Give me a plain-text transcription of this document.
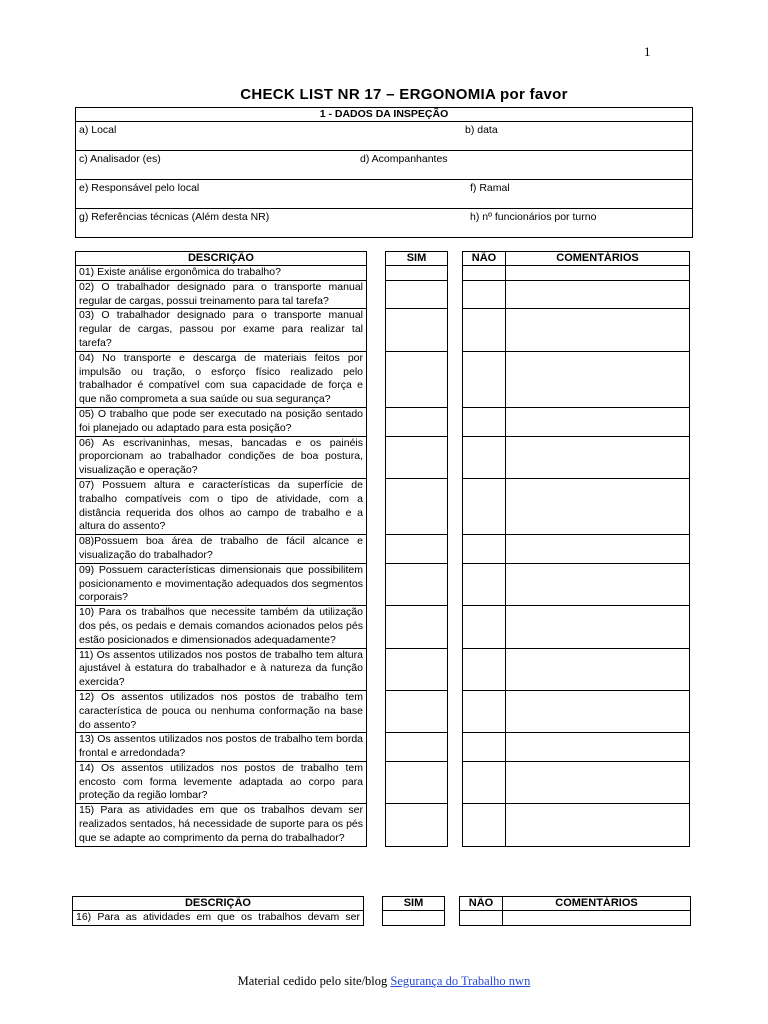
1
CHECK LIST NR 17 – ERGONOMIA por favor
1 - DADOS DA INSPEÇÃO

a) Local	b) data

c) Analisador (es)	d) Acompanhantes

e) Responsável pelo local	f) Ramal

g) Referências técnicas (Além desta NR)	h) nº funcionários por turno
DESCRIÇÃO		SIM		NÃO	COMENTÁRIOS
01) Existe análise ergonômica do trabalho?					
02) O trabalhador designado para o transporte manual regular de cargas, possui treinamento para tal tarefa?					
03) O trabalhador designado para o transporte manual regular de cargas, passou por exame para realizar tal tarefa?					
04) No transporte e descarga de materiais feitos por impulsão ou tração, o esforço físico realizado pelo trabalhador é compatível com sua capacidade de força e que não comprometa a sua saúde ou sua segurança?					
05) O trabalho que pode ser executado na posição sentado foi planejado ou adaptado para esta posição?					
06) As escrivaninhas, mesas, bancadas e os painéis proporcionam ao trabalhador condições de boa postura, visualização e operação?					
07) Possuem altura e características da superfície de trabalho compatíveis com o tipo de atividade, com a distância requerida dos olhos ao campo de trabalho e a altura do assento?					
08)Possuem boa área de trabalho de fácil alcance e visualização do trabalhador?					
09) Possuem características dimensionais que possibilitem posicionamento e movimentação adequados dos segmentos corporais?					
10) Para os trabalhos que necessite também da utilização dos pés, os pedais e demais comandos acionados pelos pés estão posicionados e dimensionados adequadamente?					
11) Os assentos utilizados nos postos de trabalho tem altura ajustável à estatura do trabalhador e à natureza da função exercida?					
12) Os assentos utilizados nos postos de trabalho tem característica de pouca ou nenhuma conformação na base do assento?					
13) Os assentos utilizados nos postos de trabalho tem borda frontal e arredondada?					
14) Os assentos utilizados nos postos de trabalho tem encosto com forma levemente adaptada ao corpo para proteção da região lombar?					
15) Para as atividades em que os trabalhos devam ser realizados sentados, há necessidade de suporte para os pés que se adapte ao comprimento da perna do trabalhador?					
DESCRIÇÃO		SIM		NÃO	COMENTÁRIOS
16) Para as atividades em que os trabalhos devam ser					
Material cedido pelo site/blog Segurança do Trabalho nwn
